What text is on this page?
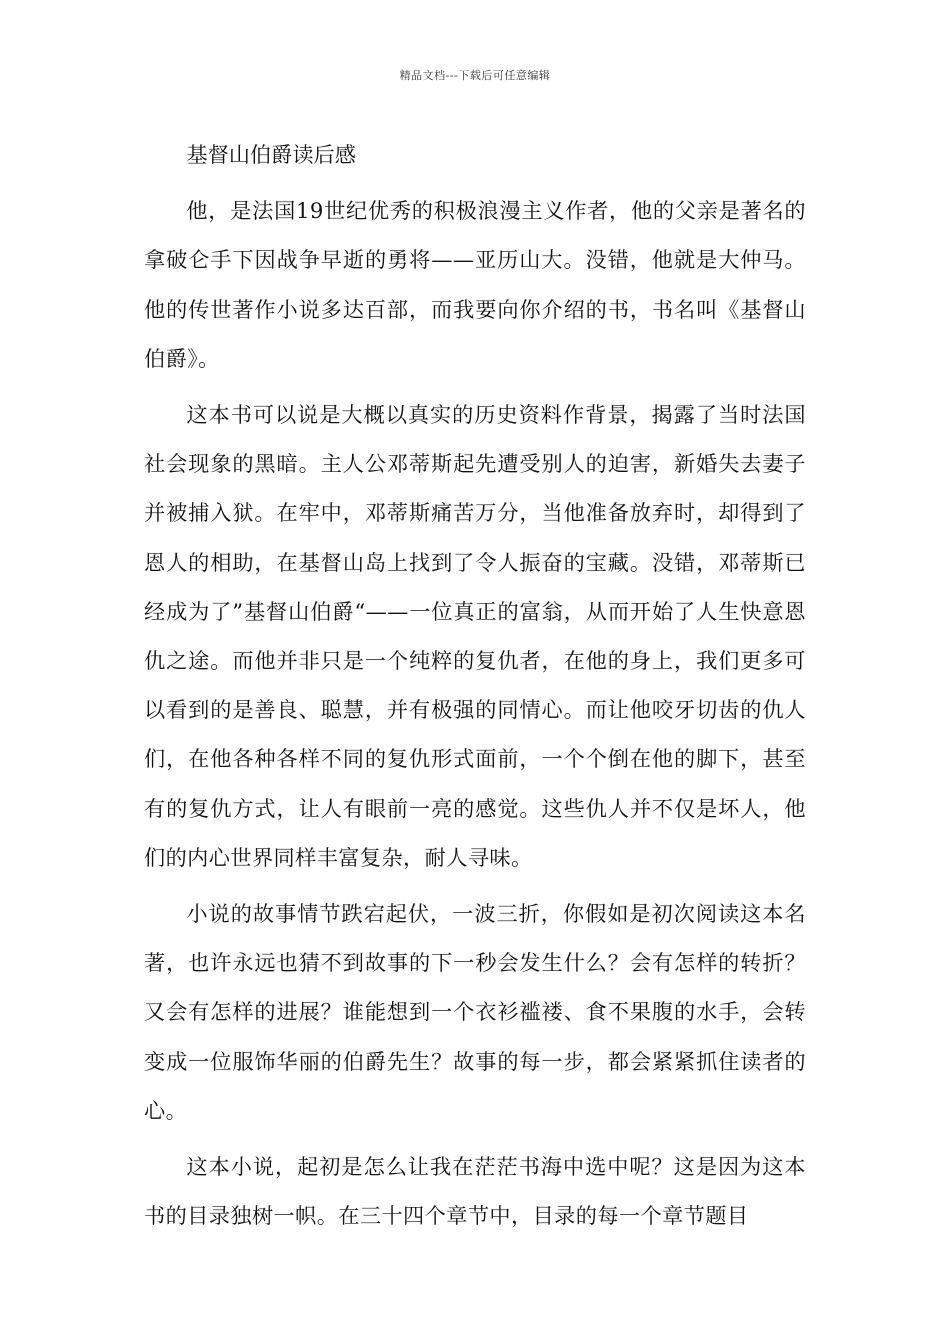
精品文档---下载后可任意编辑

基督山伯爵读后感

他，是法国19世纪优秀的积极浪漫主义作者，他的父亲是著名的拿破仑手下因战争早逝的勇将——亚历山大。没错，他就是大仲马。他的传世著作小说多达百部，而我要向你介绍的书，书名叫《基督山伯爵》。

这本书可以说是大概以真实的历史资料作背景，揭露了当时法国社会现象的黑暗。主人公邓蒂斯起先遭受别人的迫害，新婚失去妻子并被捕入狱。在牢中，邓蒂斯痛苦万分，当他准备放弃时，却得到了恩人的相助，在基督山岛上找到了令人振奋的宝藏。没错，邓蒂斯已经成为了”基督山伯爵“——一位真正的富翁，从而开始了人生快意恩仇之途。而他并非只是一个纯粹的复仇者，在他的身上，我们更多可以看到的是善良、聪慧，并有极强的同情心。而让他咬牙切齿的仇人们，在他各种各样不同的复仇形式面前，一个个倒在他的脚下，甚至有的复仇方式，让人有眼前一亮的感觉。这些仇人并不仅是坏人，他们的内心世界同样丰富复杂，耐人寻味。

小说的故事情节跌宕起伏，一波三折，你假如是初次阅读这本名著，也许永远也猜不到故事的下一秒会发生什么？会有怎样的转折？又会有怎样的进展？谁能想到一个衣衫褴褛、食不果腹的水手，会转变成一位服饰华丽的伯爵先生？故事的每一步，都会紧紧抓住读者的心。

这本小说，起初是怎么让我在茫茫书海中选中呢？这是因为这本书的目录独树一帜。在三十四个章节中，目录的每一个章节题目
